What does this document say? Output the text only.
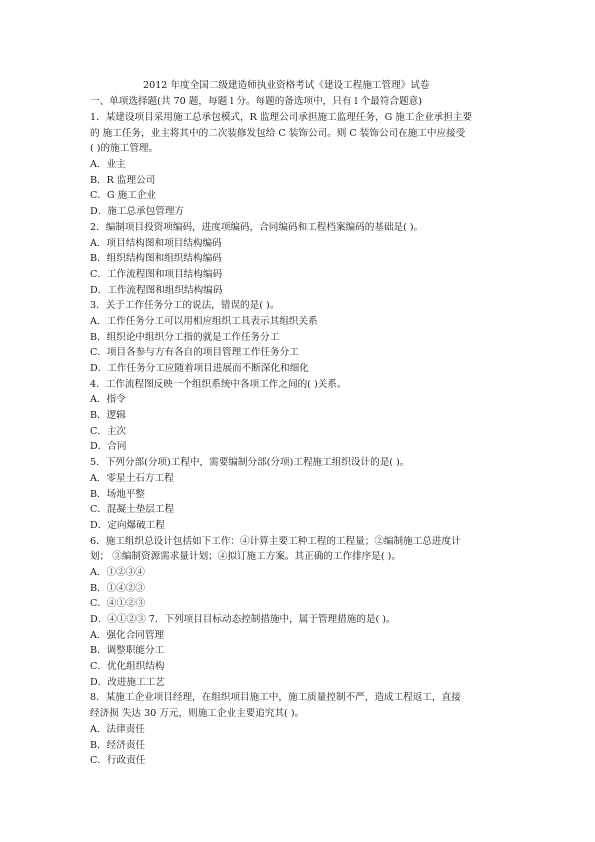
2012 年度全国二级建造师执业资格考试《建设工程施工管理》试卷
一、单项选择题(共 70 题，每题 l 分。每题的备选项中，只有 l 个最符合题意)
1．某建设项目采用施工总承包模式，R 监理公司承担施工监理任务，G 施工企业承担主要
的 施工任务，业主将其中的二次装修发包给 C 装饰公司。则 C 装饰公司在施工中应接受
( )的施工管理。
A．业主
B．R 监理公司
C．G 施工企业
D．施工总承包管理方
2．编制项目投资项编码，进度项编码，合同编码和工程档案编码的基础是( )。
A．项目结构图和项目结构编码
B．组织结构图和组织结构编码
C．工作流程图和项目结构编码
D．工作流程图和组织结构编码
3．关于工作任务分工的说法，错误的是( )。
A．工作任务分工可以用相应组织工具表示其组织关系
B．组织论中组织分工指的就是工作任务分工
C．项目各参与方有各自的项目管理工作任务分工
D．工作任务分工应随着项目进展而不断深化和细化
4．工作流程图反映一个组织系统中各项工作之间的( )关系。
A．指令
B．逻辑
C．主次
D．合同
5．下列分部(分项)工程中，需要编制分部(分项)工程施工组织设计的是( )。
A．零星土石方工程
B．场地平整
C．混凝土垫层工程
D．定向爆破工程
6．施工组织总设计包括如下工作：④计算主要工种工程的工程量；②编制施工总进度计
划； ③编制资源需求量计划；④拟订施工方案。其正确的工作排序是( )。
A．①②③④
B．①④②③
C．④①②③
D．④①②③ 7．下列项目目标动态控制措施中，属于管理措施的是( )。
A．强化合同管理
B．调整职能分工
C．优化组织结构
D．改进施工工艺
8．某施工企业项目经理，在组织项目施工中，施工质量控制不严，造成工程返工，直接
经济损 失达 30 万元，则施工企业主要追究其( )。
A．法律责任
B．经济责任
C．行政责任
